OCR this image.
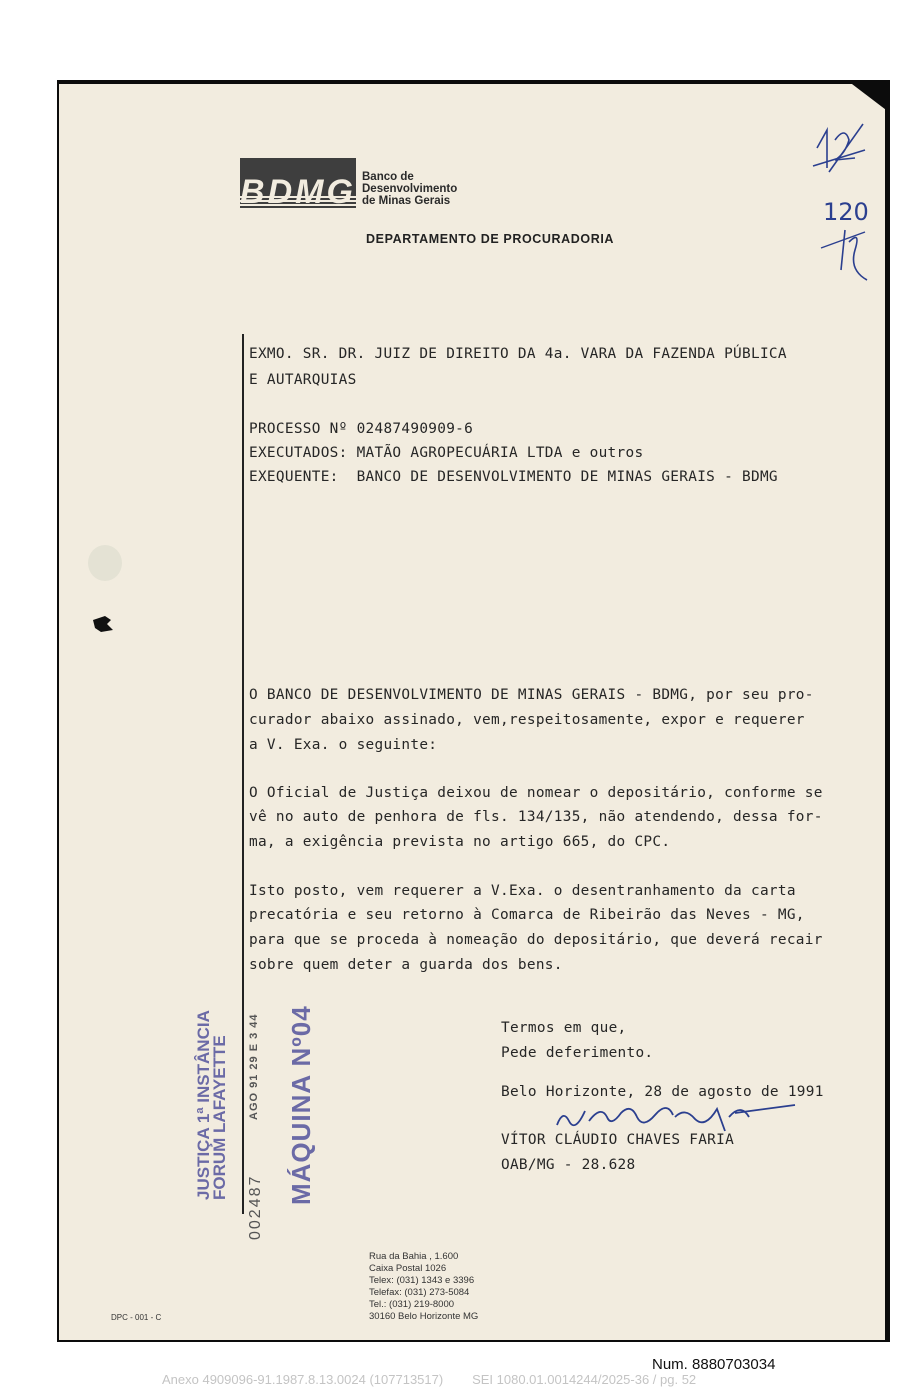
BDMG Banco de
Desenvolvimento
de Minas Gerais
DEPARTAMENTO DE PROCURADORIA
120
EXMO. SR. DR. JUIZ DE DIREITO DA 4a. VARA DA FAZENDA PÚBLICA
E AUTARQUIAS
PROCESSO Nº 02487490909-6
EXECUTADOS: MATÃO AGROPECUÁRIA LTDA e outros
EXEQUENTE:  BANCO DE DESENVOLVIMENTO DE MINAS GERAIS - BDMG
O BANCO DE DESENVOLVIMENTO DE MINAS GERAIS - BDMG, por seu pro-
curador abaixo assinado, vem,respeitosamente, expor e requerer
a V. Exa. o seguinte:
O Oficial de Justiça deixou de nomear o depositário, conforme se
vê no auto de penhora de fls. 134/135, não atendendo, dessa for-
ma, a exigência prevista no artigo 665, do CPC.
Isto posto, vem requerer a V.Exa. o desentranhamento da carta
precatória e seu retorno à Comarca de Ribeirão das Neves - MG,
para que se proceda à nomeação do depositário, que deverá recair
sobre quem deter a guarda dos bens.
Termos em que,
Pede deferimento.
Belo Horizonte, 28 de agosto de 1991
VÍTOR CLÁUDIO CHAVES FARIA
OAB/MG - 28.628
JUSTIÇA 1ª INSTÂNCIA
FORUM LAFAYETTE
002487
AGO 91 29 E 3 44 MÁQUINA Nº04
Rua da Bahia , 1.600
Caixa Postal 1026
Telex: (031) 1343 e 3396
Telefax: (031) 273-5084
Tel.: (031) 219-8000
30160 Belo Horizonte MG
DPC - 001 - C
Num. 8880703034
Anexo 4909096-91.1987.8.13.0024 (107713517)        SEI 1080.01.0014244/2025-36 / pg. 52
